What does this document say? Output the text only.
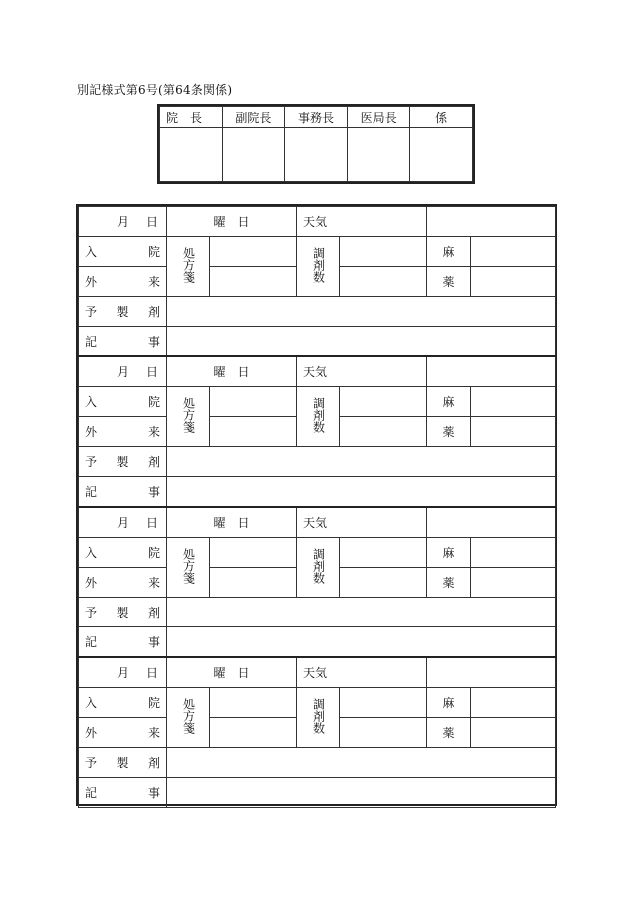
別記様式第6号(第64条関係)
院　長	副院長	事務長	医局長	係

月 日	曜　日		天気			

入 院	処方箋		調剤数		麻	

外 来					薬	

予 製 剤						

記 事						

月 日	曜　日		天気			

入 院	処方箋		調剤数		麻	

外 来					薬	

予 製 剤						

記 事						

月 日	曜　日		天気			

入 院	処方箋		調剤数		麻	

外 来					薬	

予 製 剤						

記 事						

月 日	曜　日		天気			

入 院	処方箋		調剤数		麻	

外 来					薬	

予 製 剤						

記 事						
